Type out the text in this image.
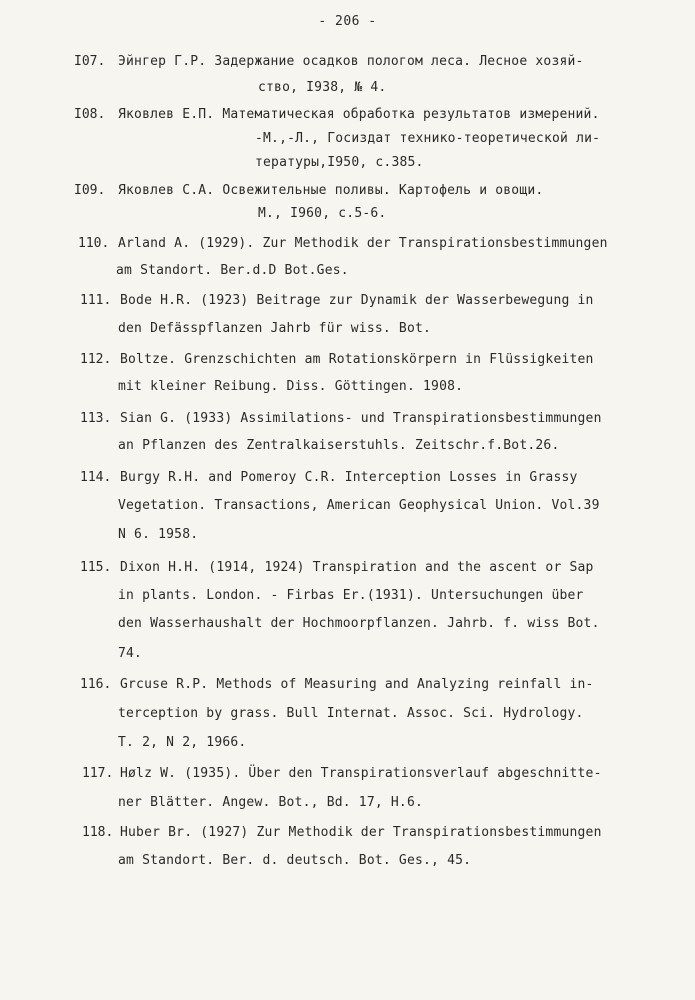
- 206 -
I07. Эйнгер Г.Р. Задержание осадков пологом леса. Лесное хозяй-
ство, I938, № 4.
I08. Яковлев Е.П. Математическая обработка результатов измерений.
-М.,-Л., Госиздат технико-теоретической ли-
тературы,I950, с.385.
I09. Яковлев С.А. Освежительные поливы. Картофель и овощи.
М., I960, с.5-6.
110. Arland A. (1929). Zur Methodik der Transpirationsbestimmungen
am Standort. Ber.d.D Bot.Ges.
111. Bode H.R. (1923) Beitrage zur Dynamik der Wasserbewegung in
den Defässpflanzen Jahrb für wiss. Bot.
112. Boltze. Grenzschichten am Rotationskörpern in Flüssigkeiten
mit kleiner Reibung. Diss. Göttingen. 1908.
113. Sian G. (1933) Assimilations- und Transpirationsbestimmungen
an Pflanzen des Zentralkaiserstuhls. Zeitschr.f.Bot.26.
114. Burgy R.H. and Pomeroy C.R. Interception Losses in Grassy
Vegetation. Transactions, American Geophysical Union. Vol.39
N 6. 1958.
115. Dixon H.H. (1914, 1924) Transpiration and the ascent or Sap
in plants. London. - Firbas Er.(1931). Untersuchungen über
den Wasserhaushalt der Hochmoorpflanzen. Jahrb. f. wiss Bot.
74.
116. Grcuse R.P. Methods of Measuring and Analyzing reinfall in-
terception by grass. Bull Internat. Assoc. Sci. Hydrology.
T. 2, N 2, 1966.
117. Hølz W. (1935). Über den Transpirationsverlauf abgeschnitte-
ner Blätter. Angew. Bot., Bd. 17, H.6.
118. Huber Br. (1927) Zur Methodik der Transpirationsbestimmungen
am Standort. Ber. d. deutsch. Bot. Ges., 45.
